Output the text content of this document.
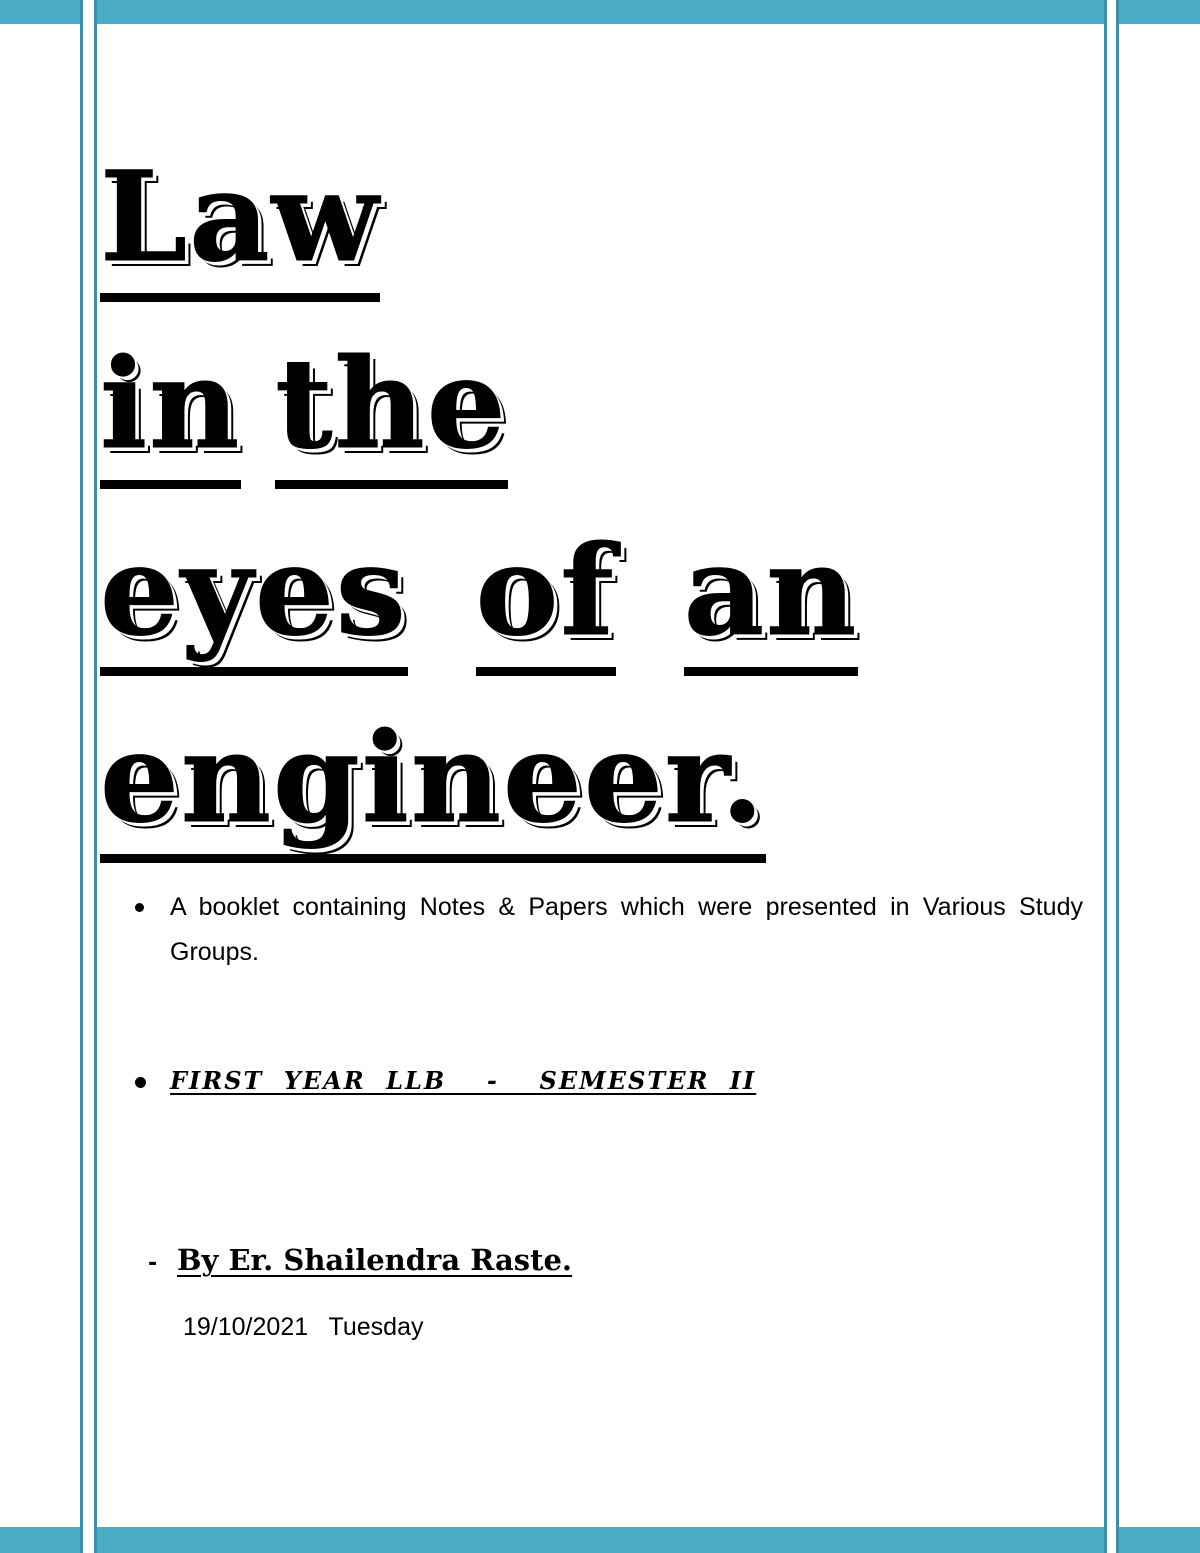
Law
in the
eyes of an
engineer.
A booklet containing Notes & Papers which were presented in Various Study Groups.
FIRST YEAR LLB  -  SEMESTER II
- By Er. Shailendra Raste.
19/10/2021 Tuesday
